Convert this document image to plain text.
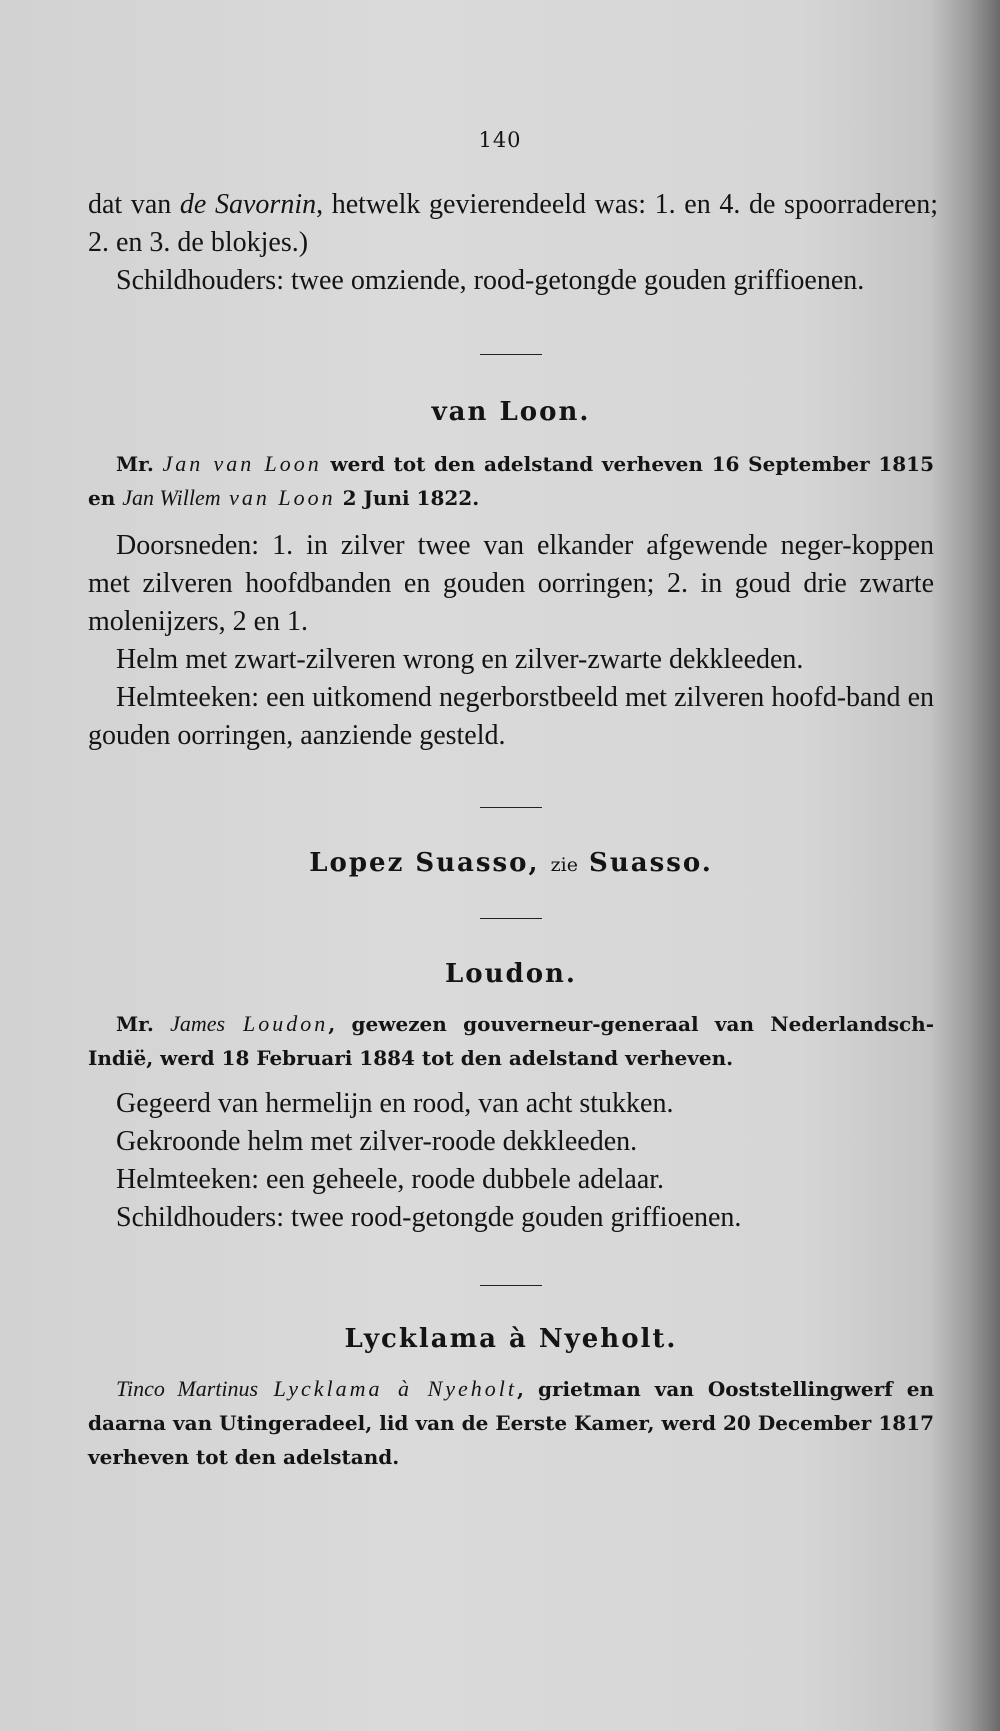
140

dat van de Savornin, hetwelk gevierendeeld was: 1. en 4. de spoorraderen; 2. en 3. de blokjes.)

Schildhouders: twee omziende, rood-getongde gouden griffioenen.

van Loon.

Mr. Jan van Loon werd tot den adelstand verheven 16 September 1815 en Jan Willem van Loon 2 Juni 1822.

Doorsneden: 1. in zilver twee van elkander afgewende neger-koppen met zilveren hoofdbanden en gouden oorringen; 2. in goud drie zwarte molenijzers, 2 en 1.

Helm met zwart-zilveren wrong en zilver-zwarte dekkleeden.

Helmteeken: een uitkomend negerborstbeeld met zilveren hoofd-band en gouden oorringen, aanziende gesteld.

Lopez Suasso, zie Suasso.
Loudon.

Mr. James Loudon, gewezen gouverneur-generaal van Nederlandsch-Indië, werd 18 Februari 1884 tot den adelstand verheven.

Gegeerd van hermelijn en rood, van acht stukken.

Gekroonde helm met zilver-roode dekkleeden.

Helmteeken: een geheele, roode dubbele adelaar.

Schildhouders: twee rood-getongde gouden griffioenen.

Lycklama à Nyeholt.

Tinco Martinus Lycklama à Nyeholt, grietman van Ooststellingwerf en daarna van Utingeradeel, lid van de Eerste Kamer, werd 20 December 1817 verheven tot den adelstand.
